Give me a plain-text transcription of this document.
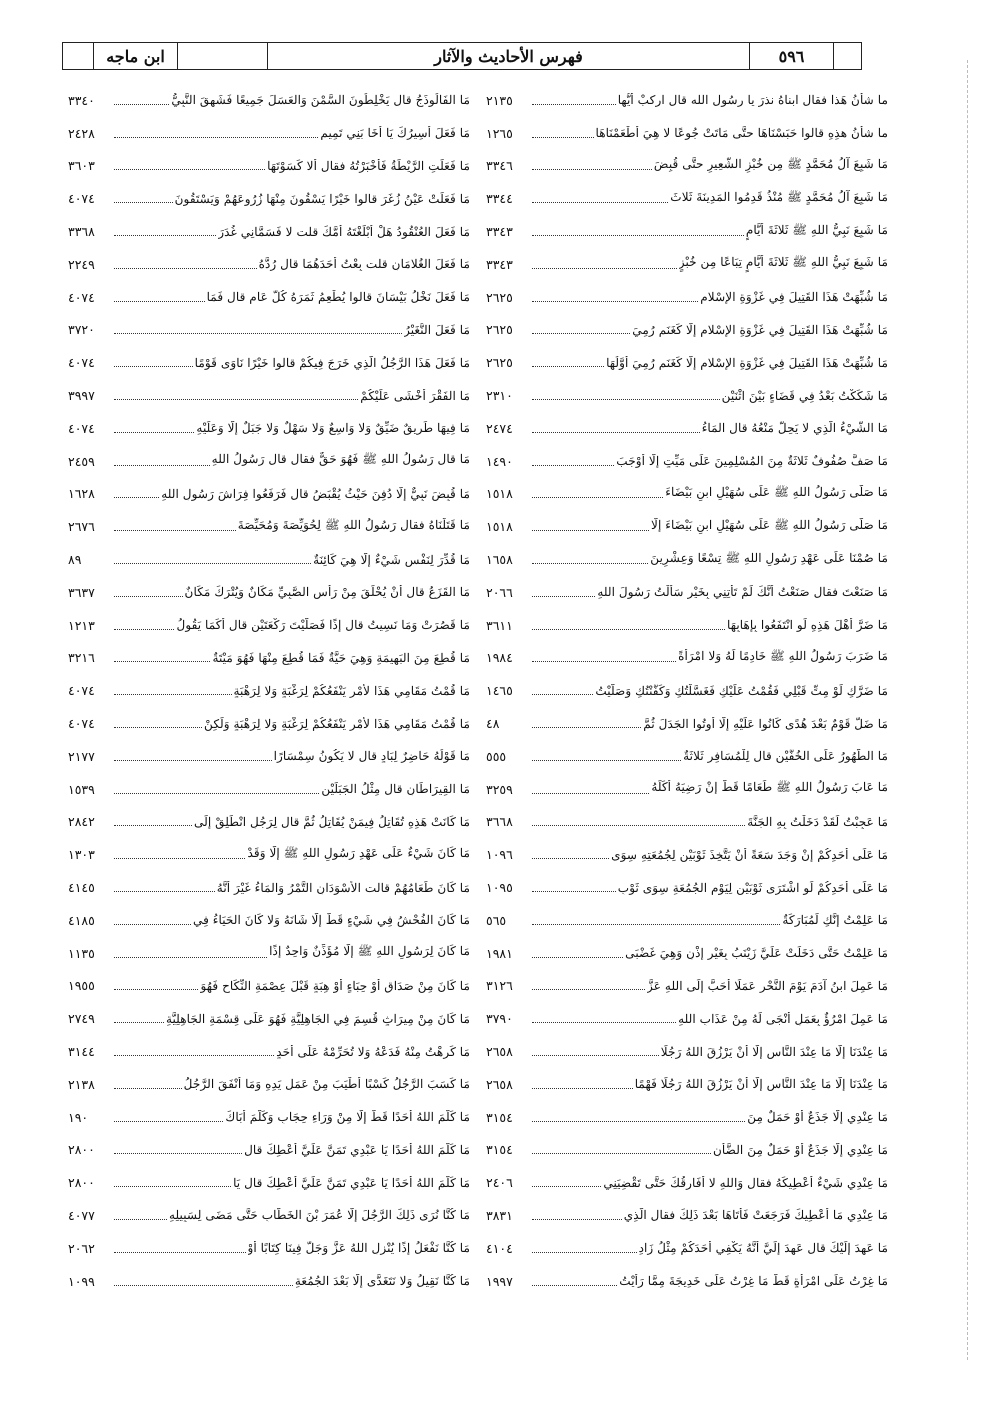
٥٩٦
فهرس الأحاديث والآثار
ابن ماجه
ما شأنُ هَذا فقال ابناهُ نذرَ يا رسُول الله قال اركبْ أيُّها
٢١٣٥
ما شأنُ هذِهِ قالوا حَبَسْنَاهَا حتَّى مَاتَتْ جُوعًا لا هِيَ أطْعَمْنَاهَا
١٢٦٥
مَا شَبِعَ آلُ مُحَمَّدٍ ﷺ مِن خُبْزِ الشَّعِيرِ حتَّى قُبِضَ
٣٣٤٦
مَا شَبِعَ آلُ مُحَمَّدٍ ﷺ مُنْذُ قَدِمُوا المَدِينَةَ ثَلاثَ
٣٣٤٤
مَا شَبِعَ نَبِيُّ اللهِ ﷺ ثَلاثَةَ أيَّامٍ
٣٣٤٣
مَا شَبِعَ نَبِيُّ اللهِ ﷺ ثَلاثَةَ أيَّامٍ تِبَاعًا مِن خُبْزٍ
٣٣٤٣
مَا شُبِّهَتْ هَذَا القَتِيلَ فِي غَزْوَةِ الإسْلامِ
٢٦٢٥
مَا شُبِّهَتْ هَذَا القَتِيلَ فِي غَزْوَةِ الإسْلامِ إلَّا كَغَنَمٍ رُمِيَ
٢٦٢٥
مَا شُبِّهَتْ هَذَا القَتِيلَ فِي غَزْوَةِ الإسْلامِ إلَّا كَغَنَمٍ رُمِيَ أوَّلُهَا
٢٦٢٥
مَا شَكَكْتُ بَعْدُ فِي قَضَاءٍ بَيْنَ اثْنَيْنِ
٢٣١٠
مَا الشَّيْءُ الَّذِي لا يَحِلُّ مَنْعُهُ قال المَاءُ
٢٤٧٤
مَا صَفَّ صُفُوفٌ ثَلاثَةٌ مِنَ المُسْلِمِينَ عَلَى مَيِّتٍ إلَّا أوْجَبَ
١٤٩٠
مَا صَلَّى رَسُولُ اللهِ ﷺ عَلَى سُهَيْلِ ابنِ بَيْضَاءَ
١٥١٨
مَا صَلَّى رَسُولُ اللهِ ﷺ عَلَى سُهَيْلِ ابنِ بَيْضَاءَ إلَّا
١٥١٨
مَا صُمْنَا عَلَى عَهْدِ رَسُولِ اللهِ ﷺ تِسْعًا وَعِشْرِينَ
١٦٥٨
مَا صَنَعْتَ فقال صَنَعْتُ أنَّكَ لَمْ تَأْتِنِي بِخَيْرٍ سَأَلْتُ رَسُولَ اللهِ
٢٠٦٦
مَا ضَرَّ أهْلَ هَذِهِ لَوِ انْتَفَعُوا بِإهَابِهَا
٣٦١١
مَا ضَرَبَ رَسُولُ اللهِ ﷺ خَادِمًا لَهُ وَلا امْرَأَةً
١٩٨٤
مَا ضَرَّكِ لَوْ مِتِّ قَبْلِي فَقُمْتُ عَلَيْكِ فَغَسَّلْتُكِ وَكَفَّنْتُكِ وَصَلَّيْتُ
١٤٦٥
مَا ضَلَّ قَوْمٌ بَعْدَ هُدًى كَانُوا عَلَيْهِ إلَّا أُوتُوا الجَدَلَ ثُمَّ
٤٨
مَا الطُّهُورُ عَلَى الخُفَّيْنِ قال لِلْمُسَافِرِ ثَلاثَةٌ
٥٥٥
مَا عَابَ رَسُولُ اللهِ ﷺ طَعَامًا قَطُّ إنْ رَضِيَهُ أكَلَهُ
٣٢٥٩
مَا عَجِبْتُ لَقَدْ دَخَلْتُ بِهِ الجَنَّةَ
٣٦٦٨
مَا عَلَى أحَدِكُمْ إنْ وَجَدَ سَعَةً أنْ يَتَّخِذَ ثَوْبَيْنِ لِجُمُعَتِهِ سِوَى
١٠٩٦
مَا عَلَى أحَدِكُمْ لَوِ اشْتَرَى ثَوْبَيْنِ لِيَوْمِ الجُمُعَةِ سِوَى ثَوْبِ
١٠٩٥
مَا عَلِمْتُ إنَّكِ لَمُبَارَكَةٌ
٥٦٥
مَا عَلِمْتُ حَتَّى دَخَلَتْ عَلَيَّ زَيْنَبُ بِغَيْرِ إذْنٍ وَهِيَ غَضْبَى
١٩٨١
مَا عَمِلَ ابنُ آدَمَ يَوْمَ النَّحْرِ عَمَلًا أحَبَّ إلَى اللهِ عَزَّ
٣١٢٦
مَا عَمِلَ امْرُؤٌ بِعَمَلٍ أنْجَى لَهُ مِنْ عَذَابِ اللهِ
٣٧٩٠
مَا عِنْدَنَا إلَّا مَا عِنْدَ النَّاسِ إلَّا أنْ يَرْزُقَ اللهُ رَجُلًا
٢٦٥٨
مَا عِنْدَنَا إلَّا مَا عِنْدَ النَّاسِ إلَّا أنْ يَرْزُقَ اللهُ رَجُلًا فَهْمًا
٢٦٥٨
مَا عِنْدِي إلَّا جَذَعٌ أوْ حَمَلٌ مِنَ
٣١٥٤
مَا عِنْدِي إلَّا جَذَعٌ أوْ حَمَلٌ مِنَ الضَّأْنِ
٣١٥٤
مَا عِنْدِي شَيْءٌ أُعْطِيكَهُ فقال وَاللهِ لا أُفَارِقُكَ حَتَّى تَقْضِيَنِي
٢٤٠٦
مَا عِنْدِي مَا أُعْطِيكَ فَرَجَعَتْ فَأَتَاهَا بَعْدَ ذَلِكَ فقال الَّذِي
٣٨٣١
مَا عَهِدَ إلَيْكَ قال عَهِدَ إلَيَّ أنَّهُ يَكْفِي أحَدَكُمْ مِثْلُ زَادِ
٤١٠٤
مَا غِرْتُ عَلَى امْرَأَةٍ قَطُّ مَا غِرْتُ عَلَى خَدِيجَةَ مِمَّا رَأَيْتُ
١٩٩٧
مَا الفَالُوذَجُ قال يَخْلِطُونَ السَّمْنَ وَالعَسَلَ جَمِيعًا فَشَهِقَ النَّبِيُّ
٣٣٤٠
مَا فَعَلَ أسِيرُكَ يَا أخَا بَنِي تَمِيمٍ
٢٤٢٨
مَا فَعَلَتِ الرَّيْطَةُ فَأَخْبَرْتُهُ فقال ألا كَسَوْتَهَا
٣٦٠٣
مَا فَعَلَتْ عَيْنُ زُغَرَ قالوا خَيْرًا يَسْقُونَ مِنْهَا زُرُوعَهُمْ وَيَسْتَقُونَ
٤٠٧٤
مَا فَعَلَ العُنْقُودُ هَلْ أبْلَغْتَهُ أُمَّكَ قلت لا فَسَمَّانِي غُدَرَ
٣٣٦٨
مَا فَعَلَ الغُلامَانِ قلت بِعْتُ أحَدَهُمَا قال رُدَّهُ
٢٢٤٩
مَا فَعَلَ نَخْلُ بَيْسَانَ قالوا يُطْعِمُ ثَمَرَهُ كُلَّ عَامٍ قال فَمَا
٤٠٧٤
مَا فَعَلَ النُّغَيْرُ
٣٧٢٠
مَا فَعَلَ هَذَا الرَّجُلُ الَّذِي خَرَجَ فِيكُمْ قالوا خَيْرًا نَاوَى قَوْمًا
٤٠٧٤
مَا الفَقْرَ أخْشَى عَلَيْكُمْ
٣٩٩٧
مَا فِيهَا طَرِيقٌ ضَيِّقٌ وَلا وَاسِعٌ وَلا سَهْلٌ وَلا جَبَلٌ إلَّا وَعَلَيْهِ
٤٠٧٤
مَا قال رَسُولُ اللهِ ﷺ فَهُوَ حَقٌّ فقال قال رَسُولُ اللهِ
٢٤٥٩
مَا قُبِضَ نَبِيٌّ إلَّا دُفِنَ حَيْثُ يُقْبَضُ قال فَرَفَعُوا فِرَاشَ رَسُولِ اللهِ
١٦٢٨
مَا قَتَلْنَاهُ فقال رَسُولُ اللهِ ﷺ لِحُوَيِّصَةَ وَمُحَيِّصَةَ
٢٦٧٦
مَا قُدِّرَ لِنَفْسٍ شَيْءٌ إلَّا هِيَ كَائِنَةٌ
٨٩
مَا القَزَعُ قال أنْ يُحْلَقَ مِنْ رَأْسِ الصَّبِيِّ مَكَانٌ وَيُتْرَكَ مَكَانٌ
٣٦٣٧
مَا قَصُرَتْ وَمَا نَسِيتُ قال إذًا فَصَلَّيْتَ رَكْعَتَيْنِ قال أكَمَا يَقُولُ
١٢١٣
مَا قُطِعَ مِنَ البَهِيمَةِ وَهِيَ حَيَّةٌ فَمَا قُطِعَ مِنْهَا فَهُوَ مَيْتَةٌ
٣٢١٦
مَا قُمْتُ مَقَامِي هَذَا لأمْرٍ يَنْفَعُكُمْ لِرَغْبَةٍ وَلا لِرَهْبَةٍ
٤٠٧٤
مَا قُمْتُ مَقَامِي هَذَا لأمْرٍ يَنْفَعُكُمْ لِرَغْبَةٍ وَلا لِرَهْبَةٍ وَلَكِنْ
٤٠٧٤
مَا قَوْلُهُ حَاضِرٌ لِبَادٍ قال لا يَكُونُ سِمْسَارًا
٢١٧٧
مَا القِيرَاطَانِ قال مِثْلُ الجَبَلَيْنِ
١٥٣٩
مَا كَانَتْ هَذِهِ تُقَاتِلُ فِيمَنْ يُقَاتِلُ ثُمَّ قال لِرَجُلٍ انْطَلِقْ إلَى
٢٨٤٢
مَا كَانَ شَيْءٌ عَلَى عَهْدِ رَسُولِ اللهِ ﷺ إلَّا وَقَدْ
١٣٠٣
مَا كَانَ طَعَامُهُمْ قالت الأسْوَدَانِ التَّمْرُ وَالمَاءُ غَيْرَ أنَّهُ
٤١٤٥
مَا كَانَ الفُحْشُ فِي شَيْءٍ قَطُّ إلَّا شَانَهُ وَلا كَانَ الحَيَاءُ فِي
٤١٨٥
مَا كَانَ لِرَسُولِ اللهِ ﷺ إلَّا مُؤَذِّنٌ وَاحِدٌ إذًا
١١٣٥
مَا كَانَ مِنْ صَدَاقٍ أوْ حِبَاءٍ أوْ هِبَةٍ قَبْلَ عِصْمَةِ النِّكَاحِ فَهُوَ
١٩٥٥
مَا كَانَ مِنْ مِيرَاثٍ قُسِمَ فِي الجَاهِلِيَّةِ فَهُوَ عَلَى قِسْمَةِ الجَاهِلِيَّةِ
٢٧٤٩
مَا كَرِهْتُ مِنْهُ فَدَعْهُ وَلا تُحَرِّمْهُ عَلَى أحَدٍ
٣١٤٤
مَا كَسَبَ الرَّجُلُ كَسْبًا أطْيَبَ مِنْ عَمَلِ يَدِهِ وَمَا أنْفَقَ الرَّجُلُ
٢١٣٨
مَا كَلَّمَ اللهُ أحَدًا قَطُّ إلَّا مِنْ وَرَاءِ حِجَابٍ وَكَلَّمَ أبَاكَ
١٩٠
مَا كَلَّمَ اللهُ أحَدًا يَا عَبْدِي تَمَنَّ عَلَيَّ أُعْطِكَ قال
٢٨٠٠
مَا كَلَّمَ اللهُ أحَدًا يَا عَبْدِي تَمَنَّ عَلَيَّ أُعْطِكَ قال يَا
٢٨٠٠
مَا كُنَّا نُرَى ذَلِكَ الرَّجُلَ إلَّا عُمَرَ بْنَ الخَطَّابِ حَتَّى مَضَى لِسَبِيلِهِ
٤٠٧٧
مَا كُنَّا نَفْعَلُ إذًا يُنْزِلِ اللهُ عَزَّ وَجَلَّ فِينَا كِتَابًا أوْ
٢٠٦٢
مَا كُنَّا نَقِيلُ وَلا نَتَغَدَّى إلَّا بَعْدَ الجُمُعَةِ
١٠٩٩
